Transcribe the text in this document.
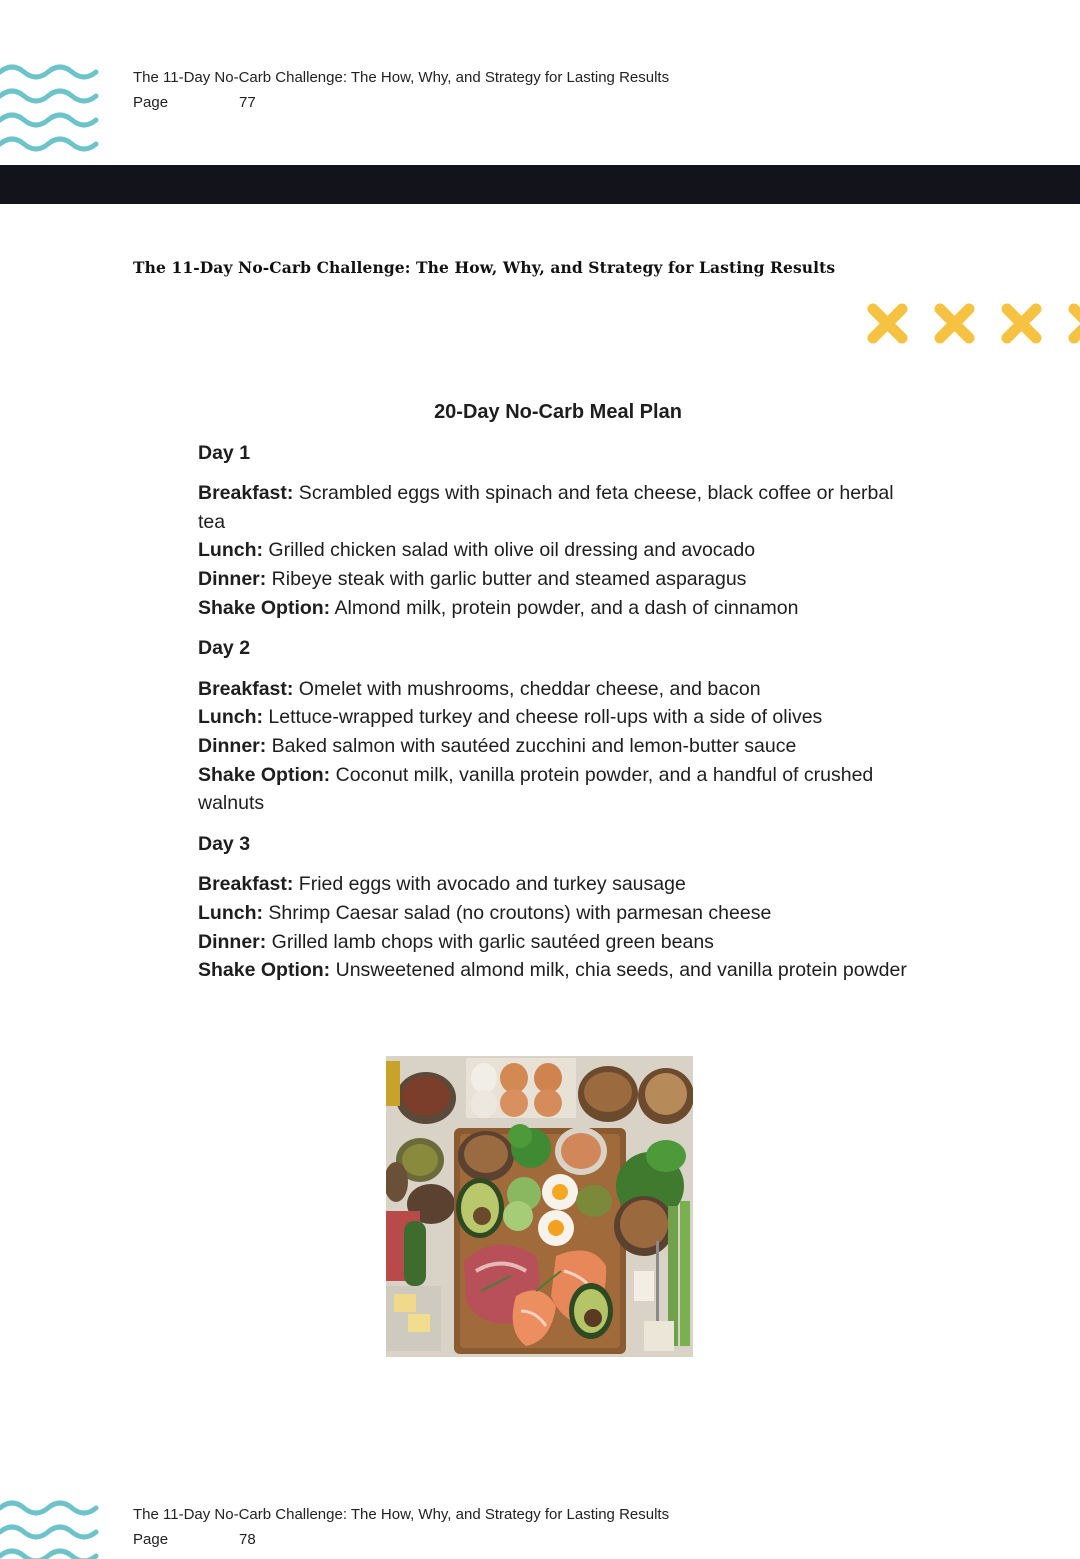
The 11-Day No-Carb Challenge: The How, Why, and Strategy for Lasting Results
Page	77
The 11-Day No-Carb Challenge: The How, Why, and Strategy for Lasting Results
20-Day No-Carb Meal Plan
Day 1
Breakfast: Scrambled eggs with spinach and feta cheese, black coffee or herbal tea
Lunch: Grilled chicken salad with olive oil dressing and avocado
Dinner: Ribeye steak with garlic butter and steamed asparagus
Shake Option: Almond milk, protein powder, and a dash of cinnamon
Day 2
Breakfast: Omelet with mushrooms, cheddar cheese, and bacon
Lunch: Lettuce-wrapped turkey and cheese roll-ups with a side of olives
Dinner: Baked salmon with sautéed zucchini and lemon-butter sauce
Shake Option: Coconut milk, vanilla protein powder, and a handful of crushed walnuts
Day 3
Breakfast: Fried eggs with avocado and turkey sausage
Lunch: Shrimp Caesar salad (no croutons) with parmesan cheese
Dinner: Grilled lamb chops with garlic sautéed green beans
Shake Option: Unsweetened almond milk, chia seeds, and vanilla protein powder
The 11-Day No-Carb Challenge: The How, Why, and Strategy for Lasting Results
Page	78
